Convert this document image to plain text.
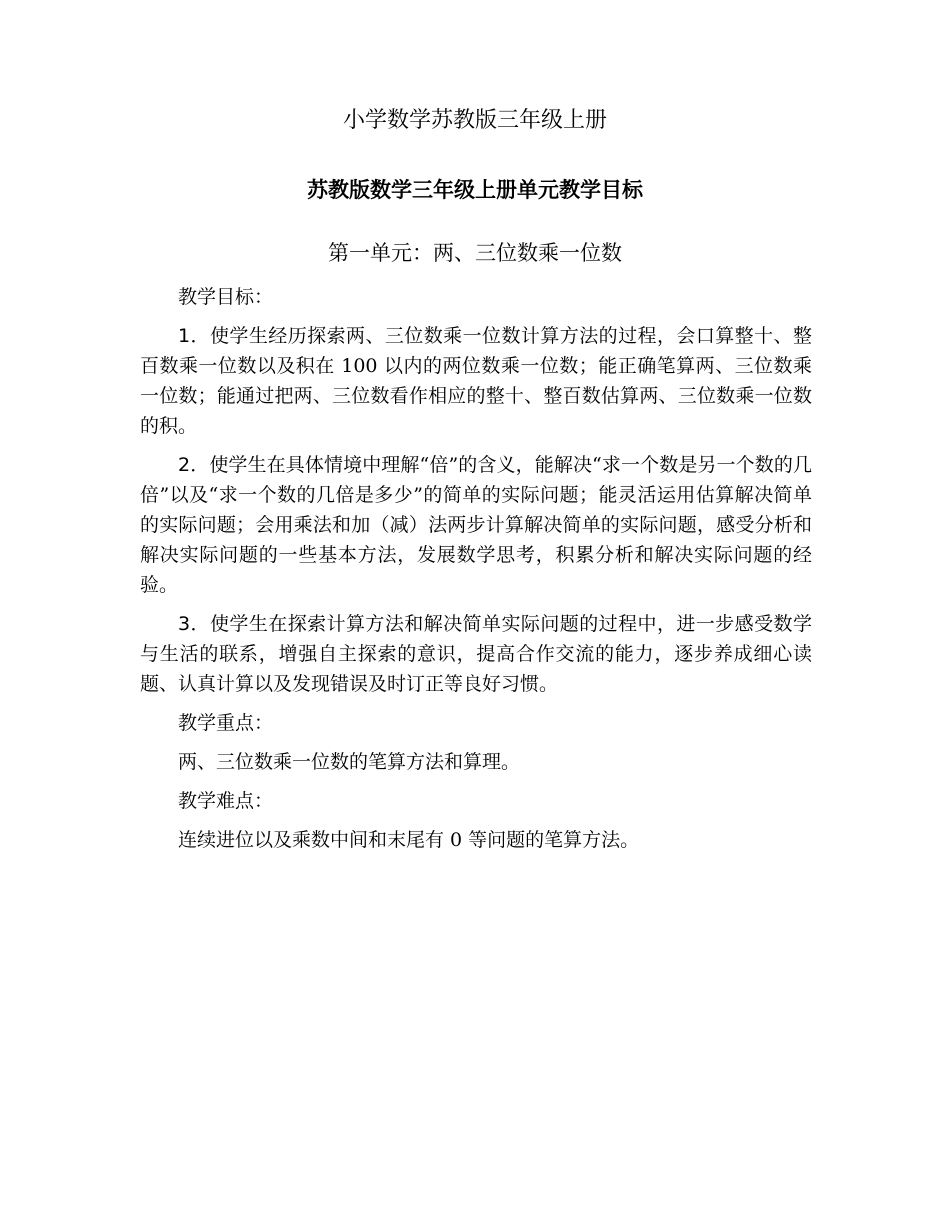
小学数学苏教版三年级上册
苏教版数学三年级上册单元教学目标
第一单元：两、三位数乘一位数

教学目标：

1．使学生经历探索两、三位数乘一位数计算方法的过程，会口算整十、整百数乘一位数以及积在 100 以内的两位数乘一位数；能正确笔算两、三位数乘一位数；能通过把两、三位数看作相应的整十、整百数估算两、三位数乘一位数的积。

2．使学生在具体情境中理解“倍”的含义，能解决“求一个数是另一个数的几倍”以及“求一个数的几倍是多少”的简单的实际问题；能灵活运用估算解决简单的实际问题；会用乘法和加（减）法两步计算解决简单的实际问题，感受分析和解决实际问题的一些基本方法，发展数学思考，积累分析和解决实际问题的经验。

3．使学生在探索计算方法和解决简单实际问题的过程中，进一步感受数学与生活的联系，增强自主探索的意识，提高合作交流的能力，逐步养成细心读题、认真计算以及发现错误及时订正等良好习惯。

教学重点：

两、三位数乘一位数的笔算方法和算理。

教学难点：

连续进位以及乘数中间和末尾有 0 等问题的笔算方法。
